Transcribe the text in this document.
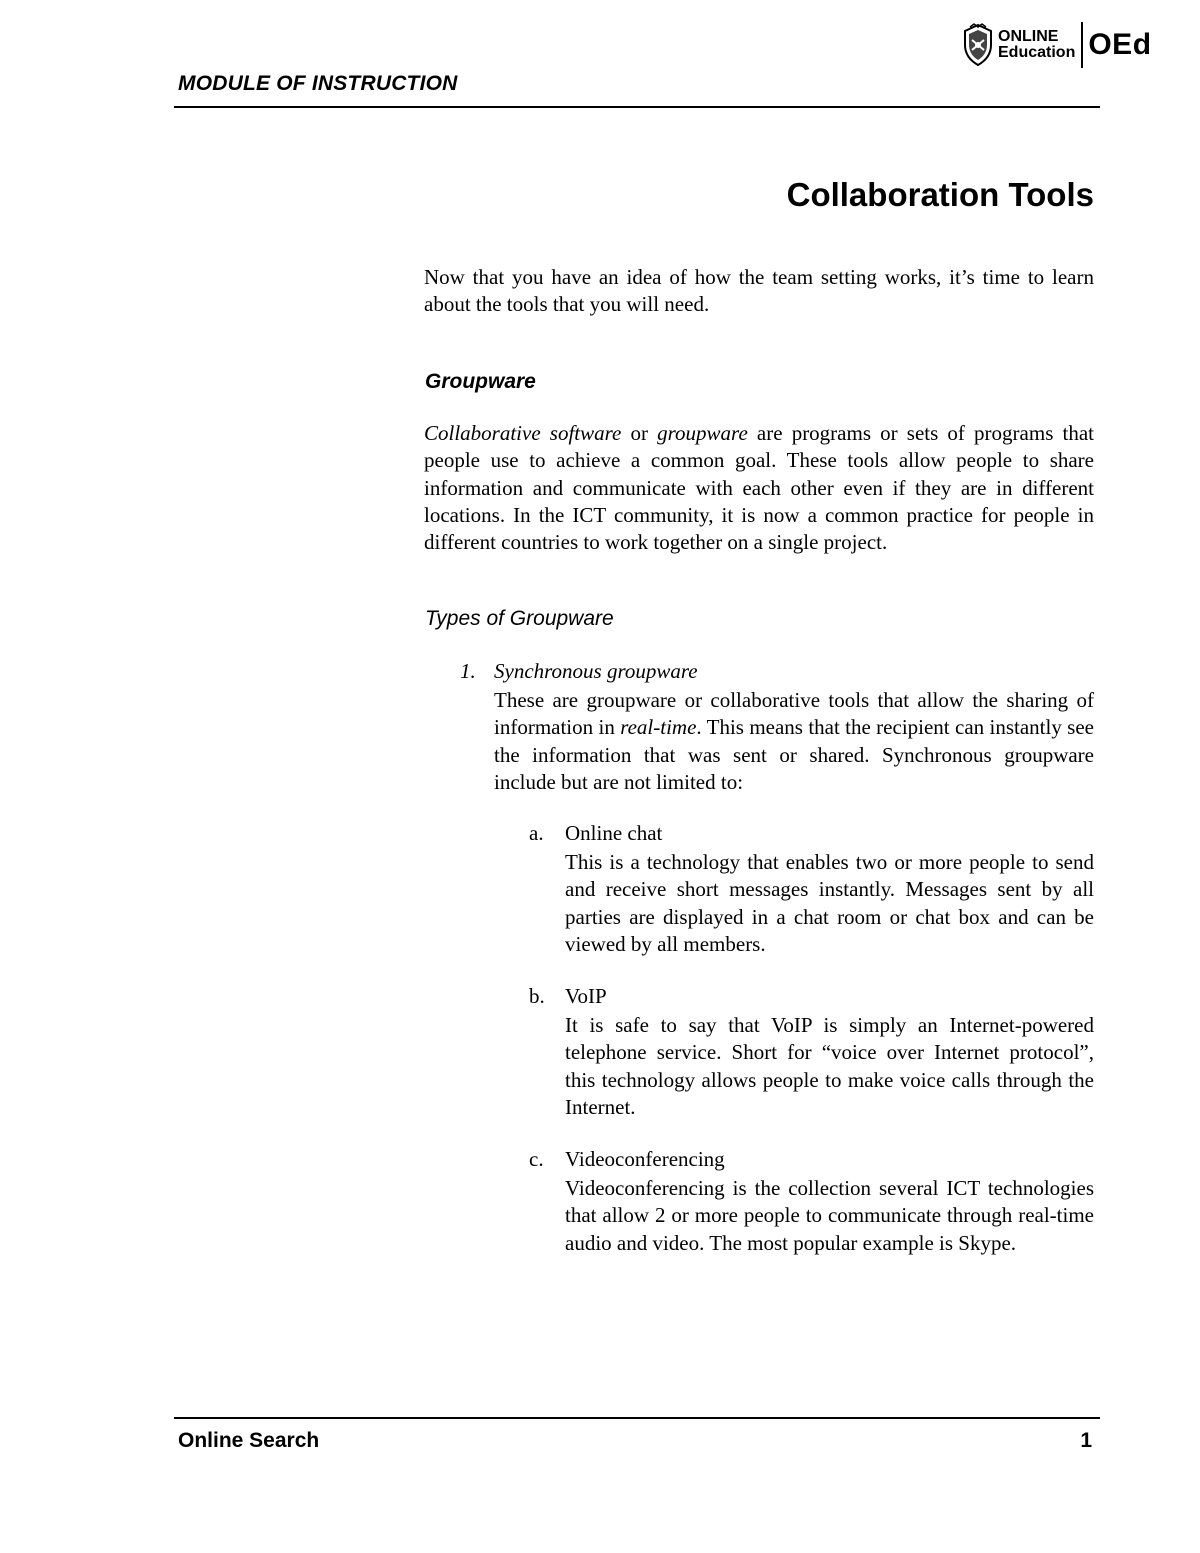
MODULE OF INSTRUCTION
ONLINE
Education OEd
Collaboration Tools

Now that you have an idea of how the team setting works, it’s time to learn about the tools that you will need.

Groupware

Collaborative software or groupware are programs or sets of programs that people use to achieve a common goal. These tools allow people to share information and communicate with each other even if they are in different locations. In the ICT community, it is now a common practice for people in different countries to work together on a single project.

Types of Groupware
1. Synchronous groupware

These are groupware or collaborative tools that allow the sharing of information in real-time. This means that the recipient can instantly see the information that was sent or shared. Synchronous groupware include but are not limited to:

a. Online chat

This is a technology that enables two or more people to send and receive short messages instantly. Messages sent by all parties are displayed in a chat room or chat box and can be viewed by all members.

b. VoIP

It is safe to say that VoIP is simply an Internet-powered telephone service. Short for “voice over Internet protocol”, this technology allows people to make voice calls through the Internet.

c. Videoconferencing

Videoconferencing is the collection several ICT technologies that allow 2 or more people to communicate through real-time audio and video. The most popular example is Skype.

Online Search	1
